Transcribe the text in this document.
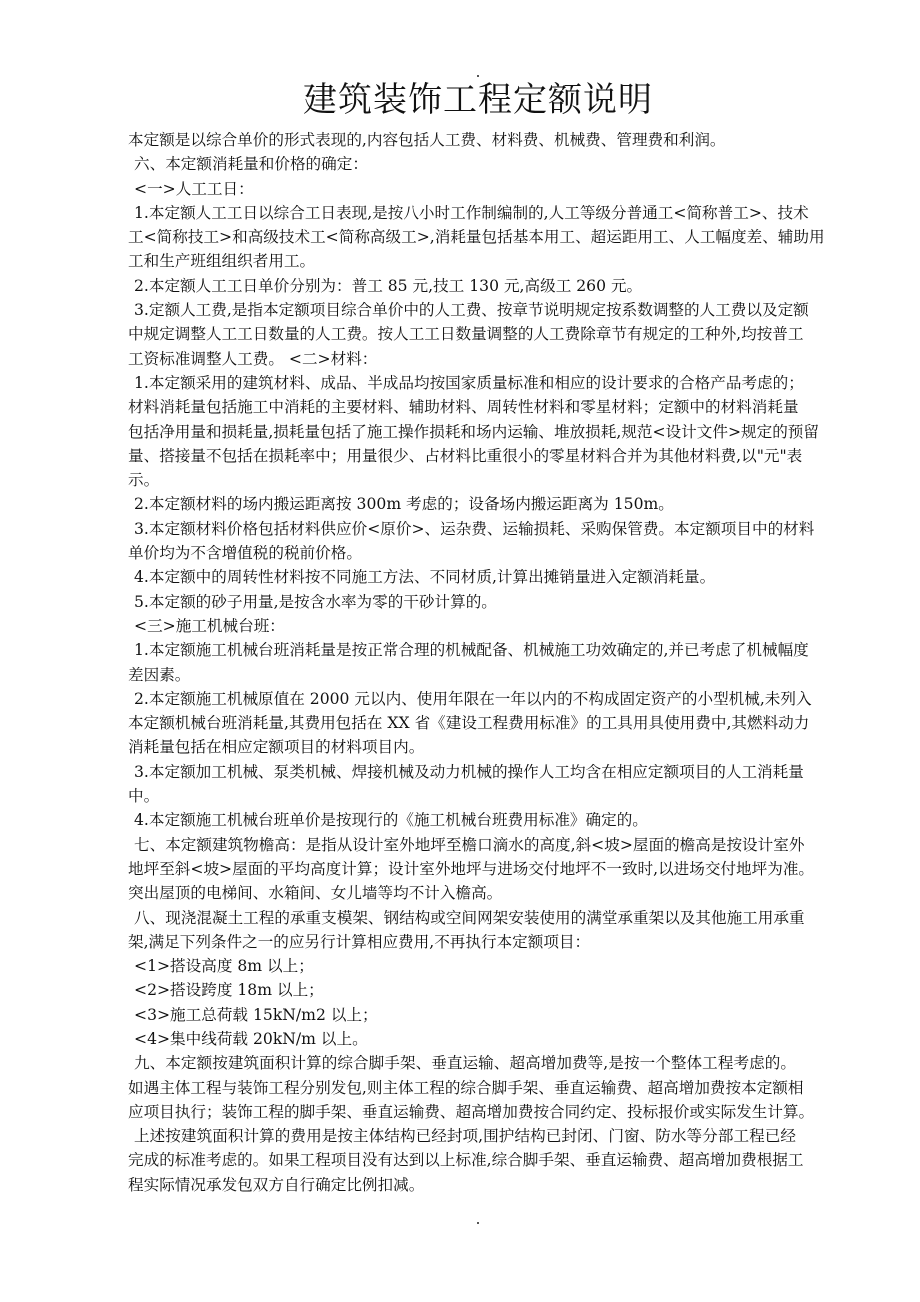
建筑装饰工程定额说明
本定额是以综合单价的形式表现的,内容包括人工费、材料费、机械费、管理费和利润。
六、本定额消耗量和价格的确定：
<一>人工工日：
1.本定额人工工日以综合工日表现,是按八小时工作制编制的,人工等级分普通工<简称普工>、技术
工<简称技工>和高级技术工<简称高级工>,消耗量包括基本用工、超运距用工、人工幅度差、辅助用
工和生产班组组织者用工。
2.本定额人工工日单价分别为：普工 85 元,技工 130 元,高级工 260 元。
3.定额人工费,是指本定额项目综合单价中的人工费、按章节说明规定按系数调整的人工费以及定额
中规定调整人工工日数量的人工费。按人工工日数量调整的人工费除章节有规定的工种外,均按普工
工资标准调整人工费。 <二>材料：
1.本定额采用的建筑材料、成品、半成品均按国家质量标准和相应的设计要求的合格产品考虑的；
材料消耗量包括施工中消耗的主要材料、辅助材料、周转性材料和零星材料；定额中的材料消耗量
包括净用量和损耗量,损耗量包括了施工操作损耗和场内运输、堆放损耗,规范<设计文件>规定的预留
量、搭接量不包括在损耗率中；用量很少、占材料比重很小的零星材料合并为其他材料费,以"元"表
示。
2.本定额材料的场内搬运距离按 300m 考虑的；设备场内搬运距离为 150m。
3.本定额材料价格包括材料供应价<原价>、运杂费、运输损耗、采购保管费。本定额项目中的材料
单价均为不含增值税的税前价格。
4.本定额中的周转性材料按不同施工方法、不同材质,计算出摊销量进入定额消耗量。
5.本定额的砂子用量,是按含水率为零的干砂计算的。
<三>施工机械台班：
1.本定额施工机械台班消耗量是按正常合理的机械配备、机械施工功效确定的,并已考虑了机械幅度
差因素。
2.本定额施工机械原值在 2000 元以内、使用年限在一年以内的不构成固定资产的小型机械,未列入
本定额机械台班消耗量,其费用包括在 XX 省《建设工程费用标准》的工具用具使用费中,其燃料动力
消耗量包括在相应定额项目的材料项目内。
3.本定额加工机械、泵类机械、焊接机械及动力机械的操作人工均含在相应定额项目的人工消耗量
中。
4.本定额施工机械台班单价是按现行的《施工机械台班费用标准》确定的。
七、本定额建筑物檐高：是指从设计室外地坪至檐口滴水的高度,斜<坡>屋面的檐高是按设计室外
地坪至斜<坡>屋面的平均高度计算；设计室外地坪与进场交付地坪不一致时,以进场交付地坪为准。
突出屋顶的电梯间、水箱间、女儿墙等均不计入檐高。
八、现浇混凝土工程的承重支模架、钢结构或空间网架安装使用的满堂承重架以及其他施工用承重
架,满足下列条件之一的应另行计算相应费用,不再执行本定额项目：
<1>搭设高度 8m 以上；
<2>搭设跨度 18m 以上；
<3>施工总荷载 15kN/m2 以上；
<4>集中线荷载 20kN/m 以上。
九、本定额按建筑面积计算的综合脚手架、垂直运输、超高增加费等,是按一个整体工程考虑的。
如遇主体工程与装饰工程分别发包,则主体工程的综合脚手架、垂直运输费、超高增加费按本定额相
应项目执行；装饰工程的脚手架、垂直运输费、超高增加费按合同约定、投标报价或实际发生计算。
上述按建筑面积计算的费用是按主体结构已经封项,围护结构已封闭、门窗、防水等分部工程已经
完成的标准考虑的。如果工程项目没有达到以上标准,综合脚手架、垂直运输费、超高增加费根据工
程实际情况承发包双方自行确定比例扣减。
